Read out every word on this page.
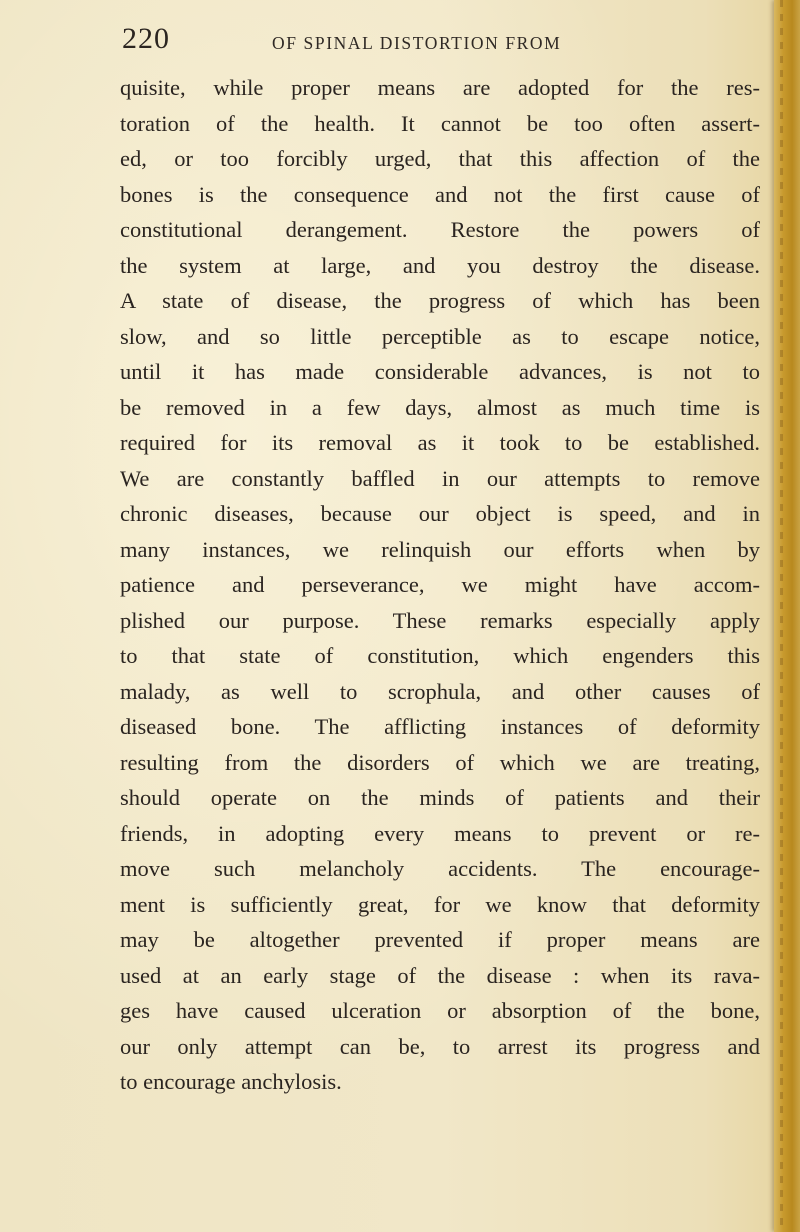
220	OF SPINAL DISTORTION FROM
quisite, while proper means are adopted for the res-
toration of the health. It cannot be too often assert-
ed, or too forcibly urged, that this affection of the
bones is the consequence and not the first cause of
constitutional derangement. Restore the powers of
the system at large, and you destroy the disease.
A state of disease, the progress of which has been
slow, and so little perceptible as to escape notice,
until it has made considerable advances, is not to
be removed in a few days, almost as much time is
required for its removal as it took to be established.
We are constantly baffled in our attempts to remove
chronic diseases, because our object is speed, and in
many instances, we relinquish our efforts when by
patience and perseverance, we might have accom-
plished our purpose. These remarks especially apply
to that state of constitution, which engenders this
malady, as well to scrophula, and other causes of
diseased bone. The afflicting instances of deformity
resulting from the disorders of which we are treating,
should operate on the minds of patients and their
friends, in adopting every means to prevent or re-
move such melancholy accidents. The encourage-
ment is sufficiently great, for we know that deformity
may be altogether prevented if proper means are
used at an early stage of the disease : when its rava-
ges have caused ulceration or absorption of the bone,
our only attempt can be, to arrest its progress and
to encourage anchylosis.
